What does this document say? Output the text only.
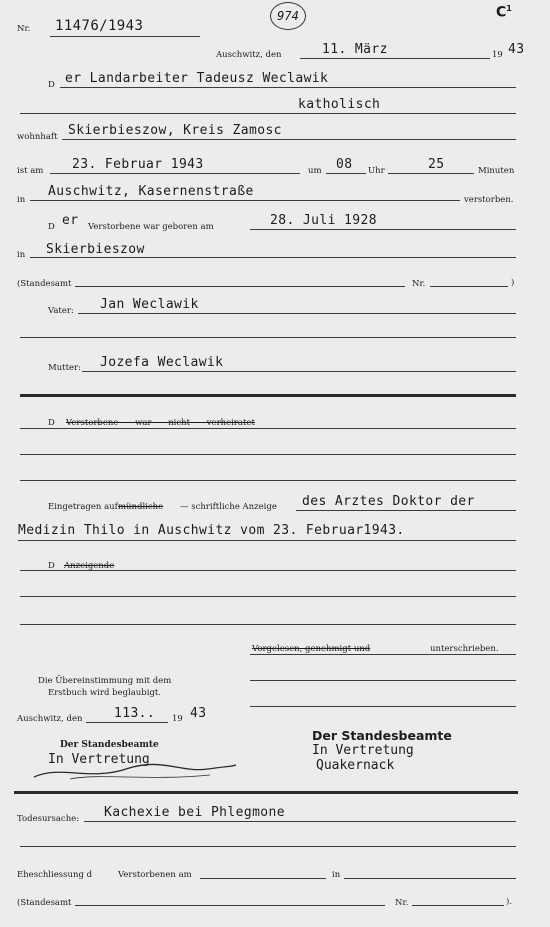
Nr. 11476/1943
974	$C^1$
Auschwitz, den	11. März	19 43
D er Landarbeiter Tadeusz Weclawik
katholisch
wohnhaft Skierbieszow, Kreis Zamosc
ist am 23. Februar 1943	um 08 Uhr	25	Minuten
in
Auschwitz, Kasernenstraße
verstorben.
D er Verstorbene war geboren am	28. Juli 1928
in Skierbieszow
(Standesamt	Nr.	)
Vater: Jan Weclawik
Mutter: Jozefa Weclawik
D Verstorbene war nicht verheiratet
Eingetragen auf mündliche — schriftliche Anzeige des Arztes Doktor der
Medizin Thilo in Auschwitz vom 23. Februar1943.
D Anzeigende
Vorgelesen, genehmigt und	unterschrieben.
Die Übereinstimmung mit dem
Erstbuch wird beglaubigt.
Auschwitz, den 113.. 19 43
Der Standesbeamte
In Vertretung
Der Standesbeamte
In Vertretung
Quakernack
Todesursache: Kachexie bei Phlegmone
Eheschliessung d	Verstorbenen am	in
(Standesamt	Nr.	).
